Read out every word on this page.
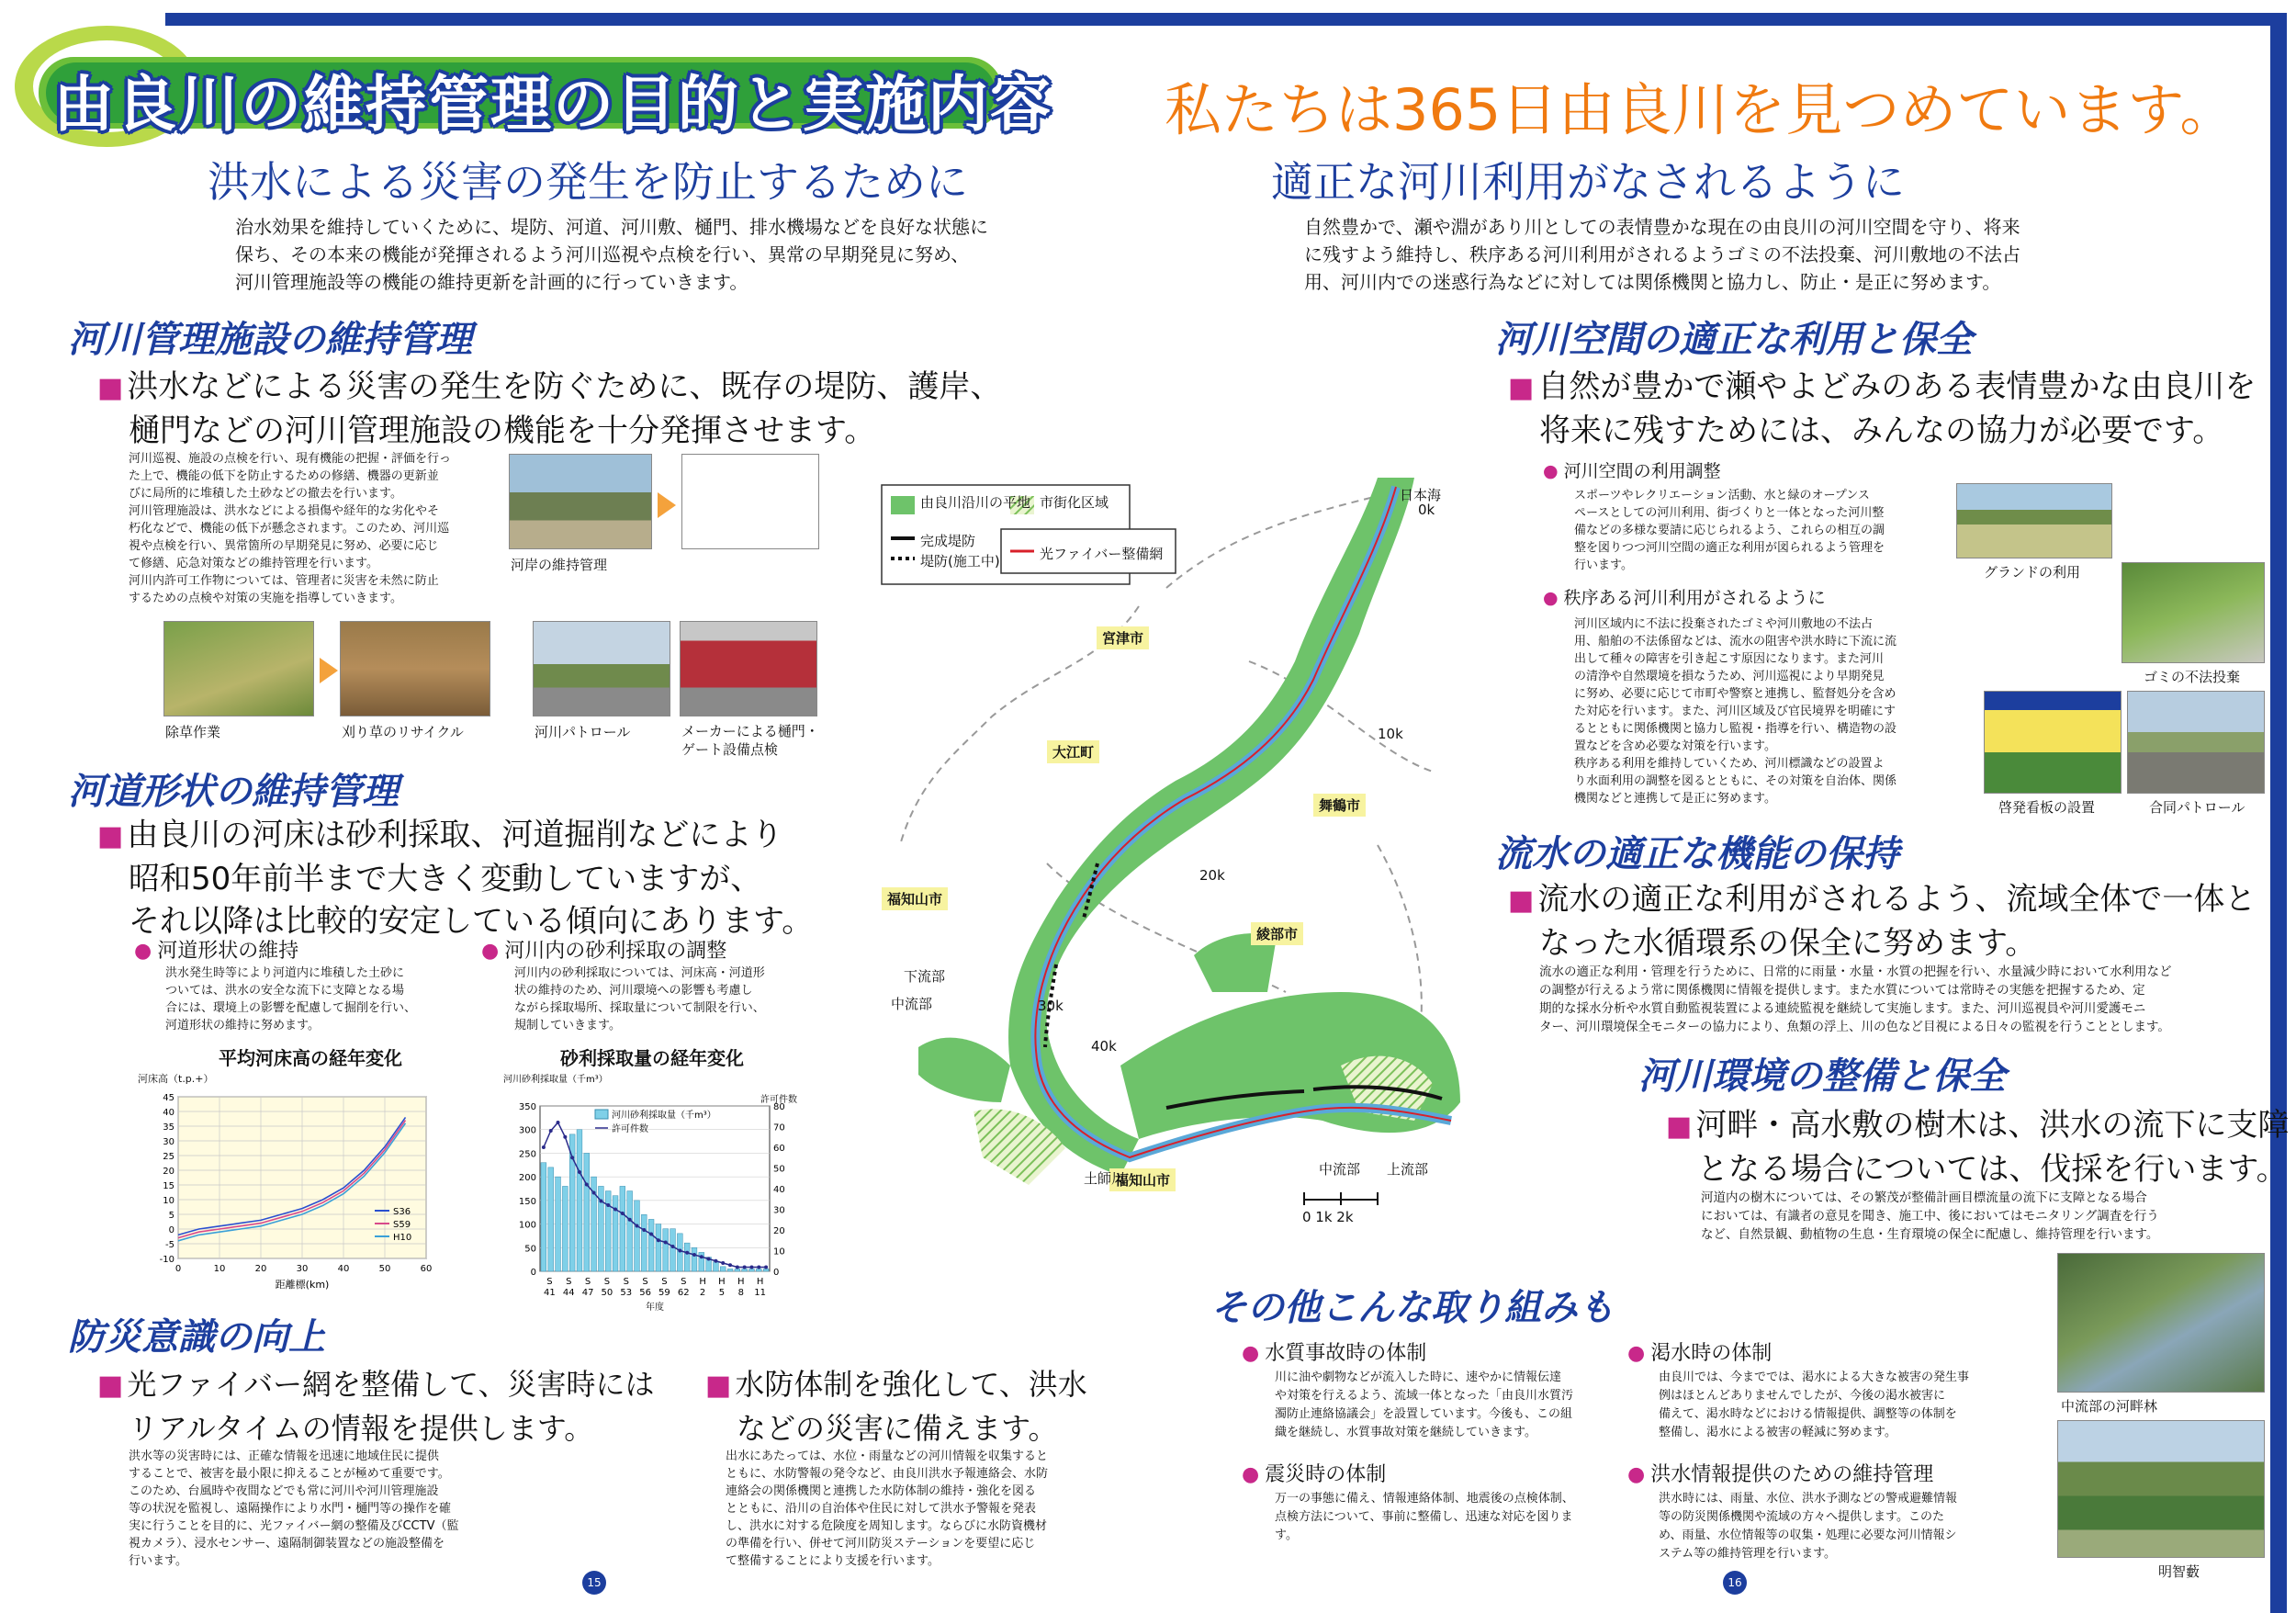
由良川の維持管理の目的と実施内容 私たちは365日由良川を見つめています。
洪水による災害の発生を防止するために
治水効果を維持していくために、堤防、河道、河川敷、樋門、排水機場などを良好な状態に
保ち、その本来の機能が発揮されるよう河川巡視や点検を行い、異常の早期発見に努め、
河川管理施設等の機能の維持更新を計画的に行っていきます。
河川管理施設の維持管理
■ 洪水などによる災害の発生を防ぐために、既存の堤防、護岸、
樋門などの河川管理施設の機能を十分発揮させます。
河川巡視、施設の点検を行い、現有機能の把握・評価を行っ
た上で、機能の低下を防止するための修繕、機器の更新並
びに局所的に堆積した土砂などの撤去を行います。
河川管理施設は、洪水などによる損傷や経年的な劣化やそ
朽化などで、機能の低下が懸念されます。このため、河川巡
視や点検を行い、異常箇所の早期発見に努め、必要に応じ
て修繕、応急対策などの維持管理を行います。
河川内許可工作物については、管理者に災害を未然に防止
するための点検や対策の実施を指導していきます。
河岸の維持管理
除草作業	刈り草のリサイクル	河川パトロール	メーカーによる樋門・
ゲート設備点検
河道形状の維持管理
■ 由良川の河床は砂利採取、河道掘削などにより
昭和50年前半まで大きく変動していますが、
それ以降は比較的安定している傾向にあります。
● 河道形状の維持
洪水発生時等により河道内に堆積した土砂に
ついては、洪水の安全な流下に支障となる場
合には、環境上の影響を配慮して掘削を行い、
河道形状の維持に努めます。
● 河川内の砂利採取の調整
河川内の砂利採取については、河床高・河道形
状の維持のため、河川環境への影響も考慮し
ながら採取場所、採取量について制限を行い、
規制していきます。
平均河床高の経年変化
河床高（t.p.+）
45
40
35
30
25
20
15
10
5
0
-5
-10
0	10	20	30	40	50	60
距離標(km)
S36
S59
H10
砂利採取量の経年変化
河川砂利採取量（千m³）
許可件数
350
300
250
200
150
100
50
0
80
70
60
50
40
30
20
10
0
S
41
S
44
S
47
S
50
S
53
S
56
S
59
S
62
H
2
H
5
H
8
H
11
年度
河川砂利採取量（千m³）
許可件数
防災意識の向上
■ 光ファイバー網を整備して、災害時には
リアルタイムの情報を提供します。
洪水等の災害時には、正確な情報を迅速に地域住民に提供
することで、被害を最小限に抑えることが極めて重要です。
このため、台風時や夜間などでも常に河川や河川管理施設
等の状況を監視し、遠隔操作により水門・樋門等の操作を確
実に行うことを目的に、光ファイバー網の整備及びCCTV（監
視カメラ）、浸水センサー、遠隔制御装置などの施設整備を
行います。
■ 水防体制を強化して、洪水
などの災害に備えます。
出水にあたっては、水位・雨量などの河川情報を収集すると
ともに、水防警報の発令など、由良川洪水予報連絡会、水防
連絡会の関係機関と連携した水防体制の維持・強化を図る
とともに、沿川の自治体や住民に対して洪水予警報を発表
し、洪水に対する危険度を周知します。ならびに水防資機材
の準備を行い、併せて河川防災ステーションを要望に応じ
て整備することにより支援を行います。
15
由良川沿川の平地 市街化区域
完成堤防
堤防(施工中)	光ファイバー整備網
日本海
0k
10k
20k
30k
40k
宮津市
大江町
舞鶴市
福知山市
綾部市
福知山市
下流部
中流部
中流部 上流部
土師川
0 1k 2k
適正な河川利用がなされるように
自然豊かで、瀬や淵があり川としての表情豊かな現在の由良川の河川空間を守り、将来
に残すよう維持し、秩序ある河川利用がされるようゴミの不法投棄、河川敷地の不法占
用、河川内での迷惑行為などに対しては関係機関と協力し、防止・是正に努めます。
河川空間の適正な利用と保全
■ 自然が豊かで瀬やよどみのある表情豊かな由良川を
将来に残すためには、みんなの協力が必要です。
● 河川空間の利用調整
スポーツやレクリエーション活動、水と緑のオープンス
ペースとしての河川利用、街づくりと一体となった河川整
備などの多様な要請に応じられるよう、これらの相互の調
整を図りつつ河川空間の適正な利用が図られるよう管理を
行います。	グランドの利用
ゴミの不法投棄
● 秩序ある河川利用がされるように
河川区域内に不法に投棄されたゴミや河川敷地の不法占
用、船舶の不法係留などは、流水の阻害や洪水時に下流に流
出して種々の障害を引き起こす原因になります。また河川
の清浄や自然環境を損なうため、河川巡視により早期発見
に努め、必要に応じて市町や警察と連携し、監督処分を含め
た対応を行います。また、河川区域及び官民境界を明確にす
るとともに関係機関と協力し監視・指導を行い、構造物の設
置などを含め必要な対策を行います。
秩序ある利用を維持していくため、河川標識などの設置よ
り水面利用の調整を図るとともに、その対策を自治体、関係
機関などと連携して是正に努めます。
啓発看板の設置	合同パトロール
流水の適正な機能の保持
■ 流水の適正な利用がされるよう、流域全体で一体と
なった水循環系の保全に努めます。
流水の適正な利用・管理を行うために、日常的に雨量・水量・水質の把握を行い、水量減少時において水利用など
の調整が行えるよう常に関係機関に情報を提供します。また水質については常時その実態を把握するため、定
期的な採水分析や水質自動監視装置による連続監視を継続して実施します。また、河川巡視員や河川愛護モニ
ター、河川環境保全モニターの協力により、魚類の浮上、川の色など目視による日々の監視を行うこととします。
河川環境の整備と保全
■ 河畔・高水敷の樹木は、洪水の流下に支障
となる場合については、伐採を行います。
河道内の樹木については、その繁茂が整備計画目標流量の流下に支障となる場合
においては、有識者の意見を聞き、施工中、後においてはモニタリング調査を行う
など、自然景観、動植物の生息・生育環境の保全に配慮し、維持管理を行います。
中流部の河畔林
明智藪
その他こんな取り組みも
● 水質事故時の体制
川に油や劇物などが流入した時に、速やかに情報伝達
や対策を行えるよう、流域一体となった「由良川水質汚
濁防止連絡協議会」を設置しています。今後も、この組
織を継続し、水質事故対策を継続していきます。
● 渇水時の体制
由良川では、今まででは、渇水による大きな被害の発生事
例はほとんどありませんでしたが、今後の渇水被害に
備えて、渇水時などにおける情報提供、調整等の体制を
整備し、渇水による被害の軽減に努めます。
● 震災時の体制
万一の事態に備え、情報連絡体制、地震後の点検体制、
点検方法について、事前に整備し、迅速な対応を図りま
す。
● 洪水情報提供のための維持管理
洪水時には、雨量、水位、洪水予測などの警戒避難情報
等の防災関係機関や流域の方々へ提供します。このた
め、雨量、水位情報等の収集・処理に必要な河川情報シ
ステム等の維持管理を行います。
16
